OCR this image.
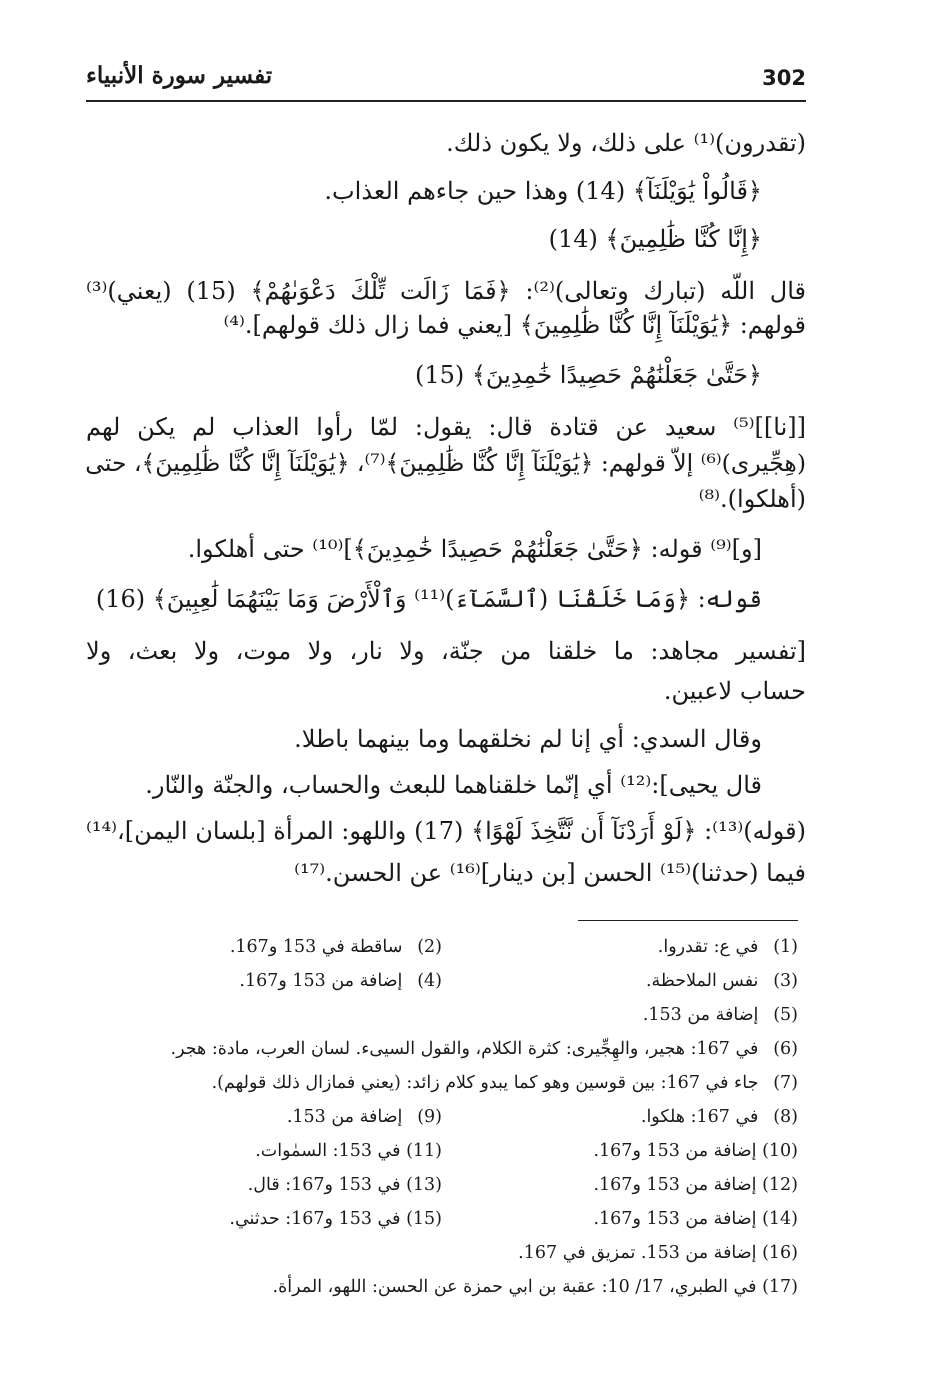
302
تفسير سورة الأنبياء
(تقدرون)⁽¹⁾ على ذلك، ولا يكون ذلك.
﴿قَالُواْ يَٰوَيْلَنَآ﴾ (14) وهذا حين جاءهم العذاب.
﴿إِنَّا كُنَّا ظَٰلِمِينَ﴾ (14)
قال اللّه (تبارك وتعالى)⁽²⁾: ﴿فَمَا زَالَت تِّلْكَ دَعْوَىٰهُمْ﴾ (15) (يعني)⁽³⁾
قولهم: ﴿يَٰوَيْلَنَآ إِنَّا كُنَّا ظَٰلِمِينَ﴾ [يعني فما زال ذلك قولهم].⁽⁴⁾
﴿حَتَّىٰ جَعَلْنَٰهُمْ حَصِيدًا خَٰمِدِينَ﴾ (15)
[[نا]]⁽⁵⁾ سعيد عن قتادة قال: يقول: لمّا رأوا العذاب لم يكن لهم
(هِجِّيرى)⁽⁶⁾ إلاّ قولهم: ﴿يَٰوَيْلَنَآ إِنَّا كُنَّا ظَٰلِمِينَ﴾⁽⁷⁾، ﴿يَٰوَيْلَنَآ إِنَّا كُنَّا ظَٰلِمِينَ﴾، حتى
(أهلكوا).⁽⁸⁾
[و]⁽⁹⁾ قوله: ﴿حَتَّىٰ جَعَلْنَٰهُمْ حَصِيدًا خَٰمِدِينَ﴾]⁽¹⁰⁾ حتى أهلكوا.
قوله: ﴿وَمَا خَلَقْنَا (ٱلسَّمَآءَ)⁽¹¹⁾ وَٱلْأَرْضَ وَمَا بَيْنَهُمَا لَٰعِبِينَ﴾ (16)
[تفسير مجاهد: ما خلقنا من جنّة، ولا نار، ولا موت، ولا بعث، ولا
حساب لاعبين.
وقال السدي: أي إنا لم نخلقهما وما بينهما باطلا.
قال يحيى]:⁽¹²⁾ أي إنّما خلقناهما للبعث والحساب، والجنّة والنّار.
(قوله)⁽¹³⁾: ﴿لَوْ أَرَدْنَآ أَن نَّتَّخِذَ لَهْوًا﴾ (17) واللهو: المرأة [بلسان اليمن]،⁽¹⁴⁾
فيما (حدثنا)⁽¹⁵⁾ الحسن [بن دينار]⁽¹⁶⁾ عن الحسن.⁽¹⁷⁾
(1) في ع: تقدروا.
(2) ساقطة في 153 و167.
(3) نفس الملاحظة.
(4) إضافة من 153 و167.
(5) إضافة من 153.
(6) في 167: هجير، والهِجِّيرى: كثرة الكلام، والقول السيىء. لسان العرب، مادة: هجر.
(7) جاء في 167: بين قوسين وهو كما يبدو كلام زائد: (يعني فمازال ذلك قولهم).
(8) في 167: هلكوا.
(9) إضافة من 153.
(10) إضافة من 153 و167.
(11) في 153: السمٰوات.
(12) إضافة من 153 و167.
(13) في 153 و167: قال.
(14) إضافة من 153 و167.
(15) في 153 و167: حدثني.
(16) إضافة من 153. تمزيق في 167.
(17) في الطبري، 17/ 10: عقبة بن ابي حمزة عن الحسن: اللهو، المرأة.
